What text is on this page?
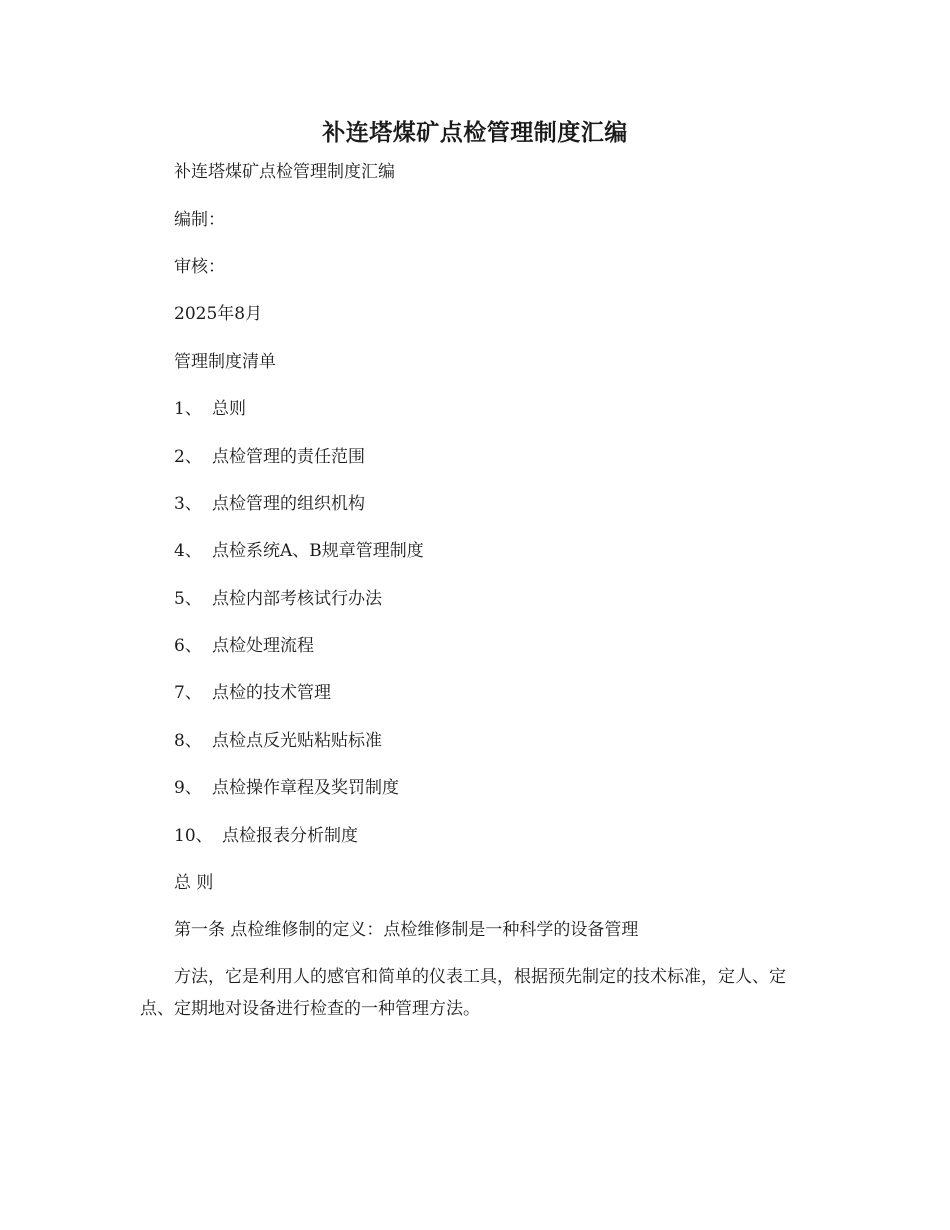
补连塔煤矿点检管理制度汇编

补连塔煤矿点检管理制度汇编

编制：

审核：

2025年8月

管理制度清单

1、 总则

2、 点检管理的责任范围

3、 点检管理的组织机构

4、 点检系统A、B规章管理制度

5、 点检内部考核试行办法

6、 点检处理流程

7、 点检的技术管理

8、 点检点反光贴粘贴标准

9、 点检操作章程及奖罚制度

10、 点检报表分析制度

总 则

第一条 点检维修制的定义：点检维修制是一种科学的设备管理

方法，它是利用人的感官和简单的仪表工具，根据预先制定的技术标准，定人、定点、定期地对设备进行检查的一种管理方法。
